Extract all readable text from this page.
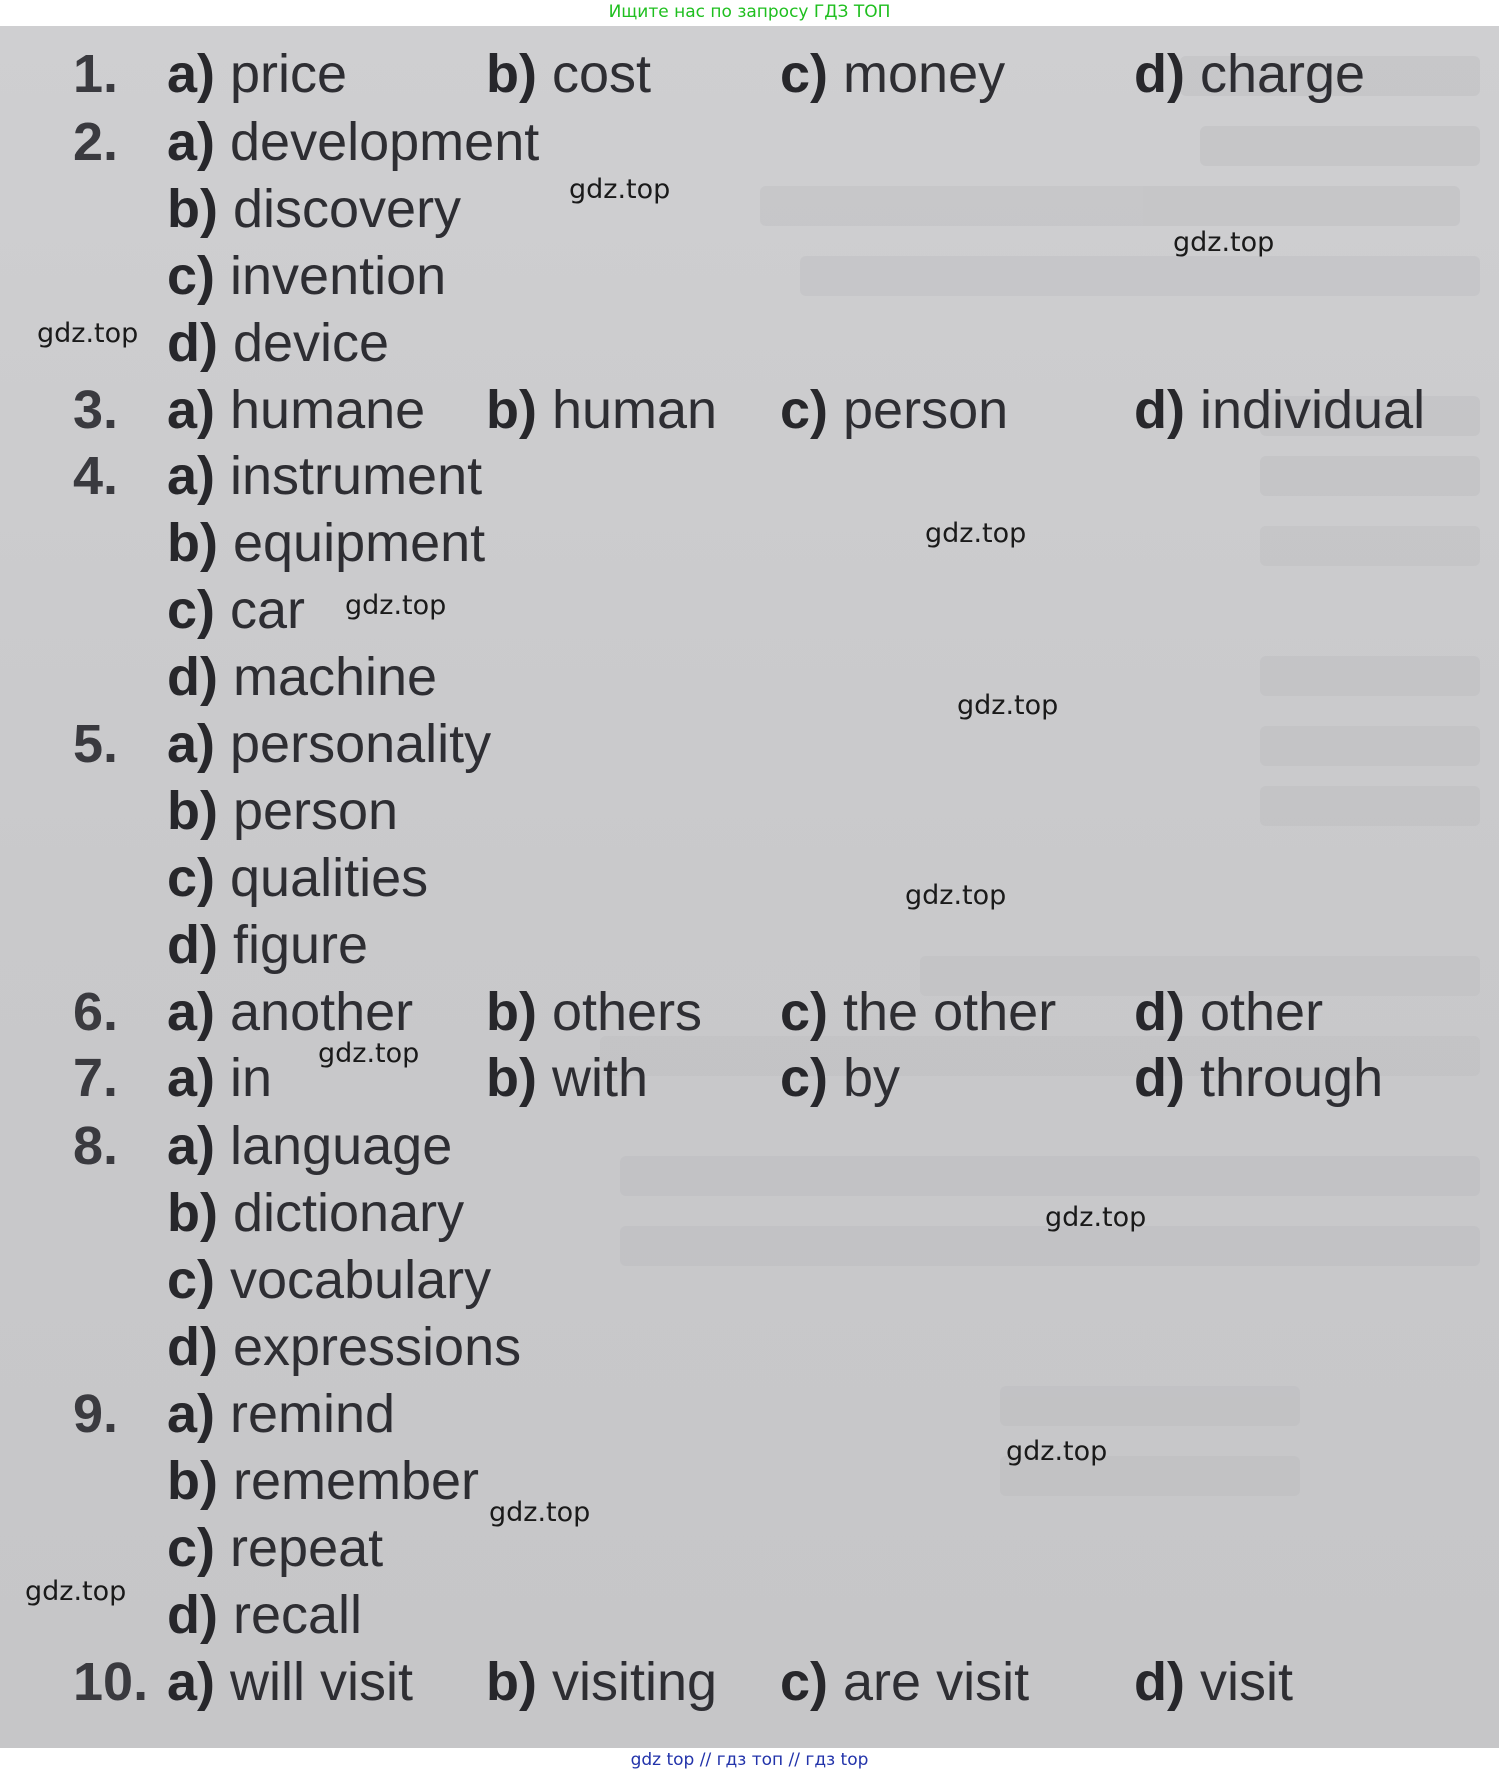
Ищите нас по запросу ГДЗ ТОП
1. a) price	b) cost c) money d) charge
2. a) development
b) discovery
c) invention
d) device
3. a) humane b) human c) person d) individual
4. a) instrument
b) equipment
c) car
d) machine
5. a) personality
b) person
c) qualities
d) figure
6. a) another b) others c) the other d) other
7. a) in	b) with c) by	d) through
8. a) language
b) dictionary
c) vocabulary
d) expressions
9. a) remind
b) remember
c) repeat
d) recall
10. a) will visit b) visiting c) are visit d) visit
gdz.top
gdz.top
gdz.top
gdz.top
gdz.top
gdz.top
gdz.top
gdz.top
gdz.top
gdz.top
gdz.top
gdz.top
gdz top // гдз топ // гдз top
